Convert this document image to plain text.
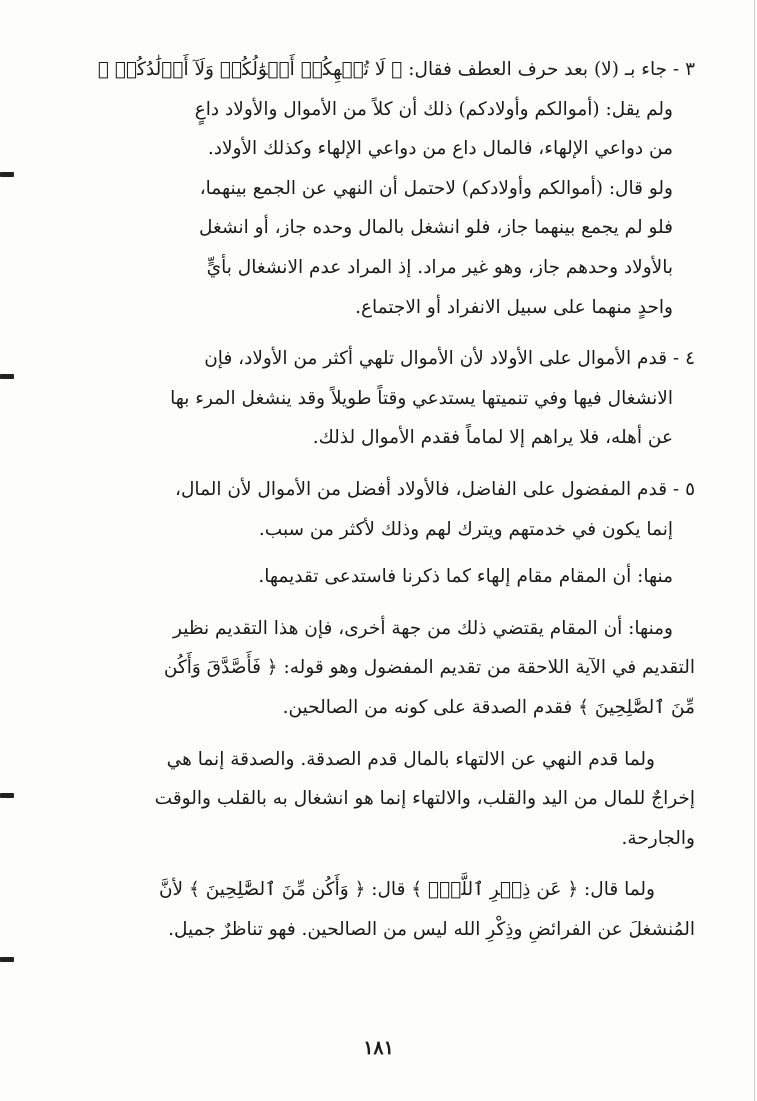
٣ - جاء بـ (لا) بعد حرف العطف فقال: ﴿ لَا تُلۡهِكُمۡ أَمۡوَٰلُكُمۡ وَلَآ أَوۡلَٰدُكُمۡ ﴾
ولم يقل: (أموالكم وأولادكم) ذلك أن كلاً من الأموال والأولاد داعٍ
من دواعي الإلهاء، فالمال داع من دواعي الإلهاء وكذلك الأولاد.
ولو قال: (أموالكم وأولادكم) لاحتمل أن النهي عن الجمع بينهما،
فلو لم يجمع بينهما جاز، فلو انشغل بالمال وحده جاز، أو انشغل
بالأولاد وحدهم جاز، وهو غير مراد. إذ المراد عدم الانشغال بأيٍّ
واحدٍ منهما على سبيل الانفراد أو الاجتماع.
٤ - قدم الأموال على الأولاد لأن الأموال تلهي أكثر من الأولاد، فإن
الانشغال فيها وفي تنميتها يستدعي وقتاً طويلاً وقد ينشغل المرء بها
عن أهله، فلا يراهم إلا لماماً فقدم الأموال لذلك.
٥ - قدم المفضول على الفاضل، فالأولاد أفضل من الأموال لأن المال،
إنما يكون في خدمتهم ويترك لهم وذلك لأكثر من سبب.
منها: أن المقام مقام إلهاء كما ذكرنا فاستدعى تقديمها.
ومنها: أن المقام يقتضي ذلك من جهة أخرى، فإن هذا التقديم نظير
التقديم في الآية اللاحقة من تقديم المفضول وهو قوله: ﴿ فَأَصَّدَّقَ وَأَكُن
مِّنَ ٱلصَّٰلِحِينَ ﴾ فقدم الصدقة على كونه من الصالحين.
ولما قدم النهي عن الالتهاء بالمال قدم الصدقة. والصدقة إنما هي
إخراجٌ للمال من اليد والقلب، والالتهاء إنما هو انشغال به بالقلب والوقت
والجارحة.
ولما قال: ﴿ عَن ذِكۡرِ ٱللَّهِۚ ﴾ قال: ﴿ وَأَكُن مِّنَ ٱلصَّٰلِحِينَ ﴾ لأنَّ
المُنشغلَ عن الفرائضِ وذِكْرِ الله ليس من الصالحين. فهو تناظرٌ جميل.
١٨١
